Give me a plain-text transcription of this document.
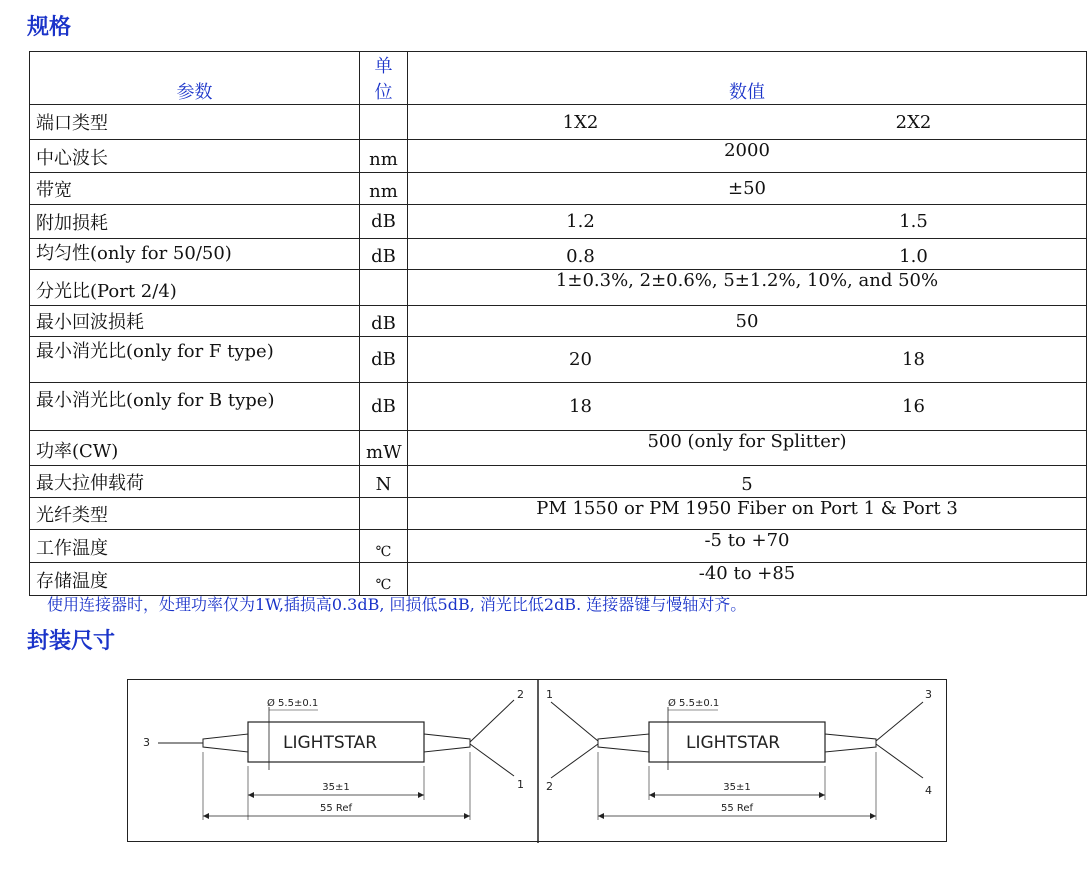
规格
参数	单位	数值
端口类型		1X2 2X2

中心波长	nm	2000
带宽	nm	±50
附加损耗	dB	1.2 1.5

均匀性(only for 50/50)	dB	0.8 1.0

分光比(Port 2/4)		1±0.3%, 2±0.6%, 5±1.2%, 10%, and 50%
最小回波损耗	dB	50
最小消光比(only for F type)	dB	20 18

最小消光比(only for B type)	dB	18 16

功率(CW)	mW	500 (only for Splitter)
最大拉伸载荷	N	5
光纤类型		PM 1550 or PM 1950 Fiber on Port 1 & Port 3
工作温度	℃	-5 to +70
存储温度	℃	-40 to +85
使用连接器时，处理功率仅为1W,插损高0.3dB, 回损低5dB, 消光比低2dB. 连接器键与慢轴对齐。
封装尺寸
LIGHTSTAR
Ø 5.5±0.1
35±1
55 Ref
3
2
1
LIGHTSTAR
Ø 5.5±0.1
35±1
55 Ref
1
2
3
4
